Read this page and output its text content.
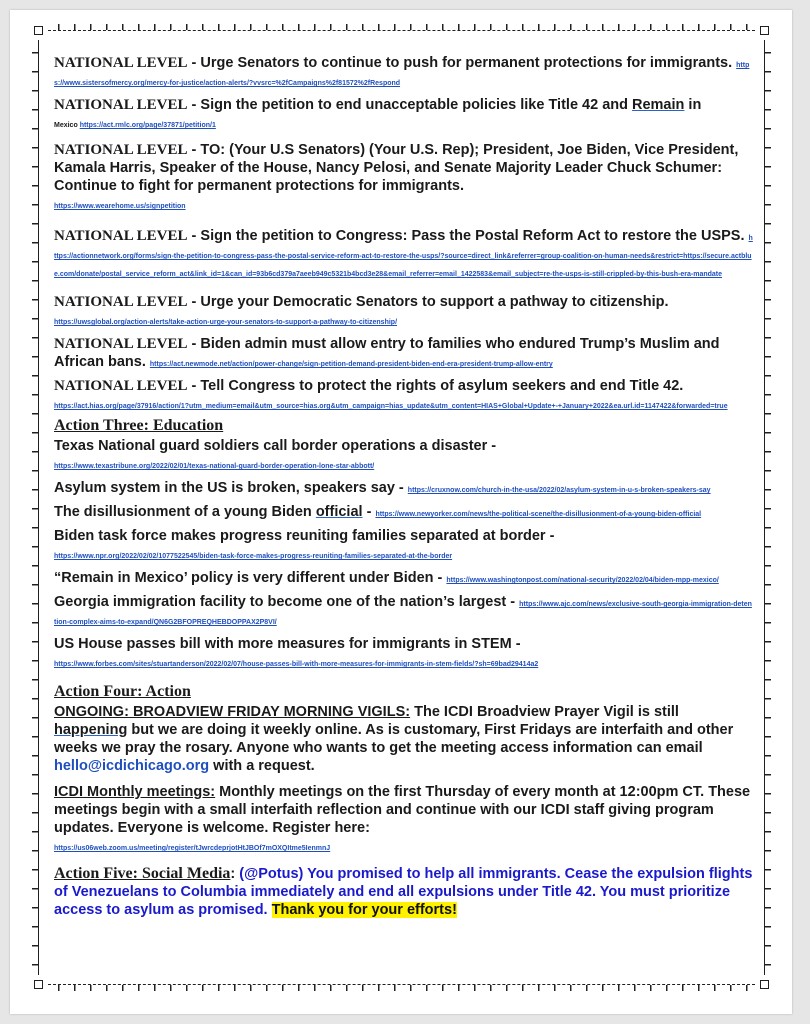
NATIONAL LEVEL - Urge Senators to continue to push for permanent protections for immigrants. https://www.sistersofmercy.org/mercy-for-justice/action-alerts/?vvsrc=%2fCampaigns%2f81572%2fRespond
NATIONAL LEVEL - Sign the petition to end unacceptable policies like Title 42 and Remain in
Mexico https://act.rmlc.org/page/37871/petition/1
NATIONAL LEVEL - TO: (Your U.S Senators) (Your U.S. Rep); President, Joe Biden, Vice President, Kamala Harris, Speaker of the House, Nancy Pelosi, and Senate Majority Leader Chuck Schumer: Continue to fight for permanent protections for immigrants.
https://www.wearehome.us/signpetition
NATIONAL LEVEL - Sign the petition to Congress: Pass the Postal Reform Act to restore the USPS. https://actionnetwork.org/forms/sign-the-petition-to-congress-pass-the-postal-service-reform-act-to-restore-the-usps/?source=direct_link&referrer=group-coalition-on-human-needs&restrict=https://secure.actblue.com/donate/postal_service_reform_act&link_id=1&can_id=93b6cd379a7aeeb949c5321b4bcd3e28&email_referrer=email_1422583&email_subject=re-the-usps-is-still-crippled-by-this-bush-era-mandate
NATIONAL LEVEL - Urge your Democratic Senators to support a pathway to citizenship.
https://uwsglobal.org/action-alerts/take-action-urge-your-senators-to-support-a-pathway-to-citizenship/
NATIONAL LEVEL - Biden admin must allow entry to families who endured Trump’s Muslim and African bans. https://act.newmode.net/action/power-change/sign-petition-demand-president-biden-end-era-president-trump-allow-entry
NATIONAL LEVEL - Tell Congress to protect the rights of asylum seekers and end Title 42.
https://act.hias.org/page/37916/action/1?utm_medium=email&utm_source=hias.org&utm_campaign=hias_update&utm_content=HIAS+Global+Update+-+January+2022&ea.url.id=1147422&forwarded=true
Action Three: Education
Texas National guard soldiers call border operations a disaster -
https://www.texastribune.org/2022/02/01/texas-national-guard-border-operation-lone-star-abbott/
Asylum system in the US is broken, speakers say - https://cruxnow.com/church-in-the-usa/2022/02/asylum-system-in-u-s-broken-speakers-say
The disillusionment of a young Biden official - https://www.newyorker.com/news/the-political-scene/the-disillusionment-of-a-young-biden-official
Biden task force makes progress reuniting families separated at border -
https://www.npr.org/2022/02/02/1077522545/biden-task-force-makes-progress-reuniting-families-separated-at-the-border
“Remain in Mexico’ policy is very different under Biden - https://www.washingtonpost.com/national-security/2022/02/04/biden-mpp-mexico/
Georgia immigration facility to become one of the nation’s largest - https://www.ajc.com/news/exclusive-south-georgia-immigration-detention-complex-aims-to-expand/QN6G2BFOPREQHEBDOPPAX2P8VI/
US House passes bill with more measures for immigrants in STEM -
https://www.forbes.com/sites/stuartanderson/2022/02/07/house-passes-bill-with-more-measures-for-immigrants-in-stem-fields/?sh=69bad29414a2
Action Four: Action
ONGOING: BROADVIEW FRIDAY MORNING VIGILS: The ICDI Broadview Prayer Vigil is still happening but we are doing it weekly online. As is customary, First Fridays are interfaith and other weeks we pray the rosary. Anyone who wants to get the meeting access information can email hello@icdichicago.org with a request.
ICDI Monthly meetings: Monthly meetings on the first Thursday of every month at 12:00pm CT. These meetings begin with a small interfaith reflection and continue with our ICDI staff giving program updates. Everyone is welcome. Register here:
https://us06web.zoom.us/meeting/register/tJwrcdeprjotHtJBOf7mOXQItme5IenmnJ
Action Five: Social Media: (@Potus) You promised to help all immigrants. Cease the expulsion flights of Venezuelans to Columbia immediately and end all expulsions under Title 42. You must prioritize access to asylum as promised. Thank you for your efforts!
